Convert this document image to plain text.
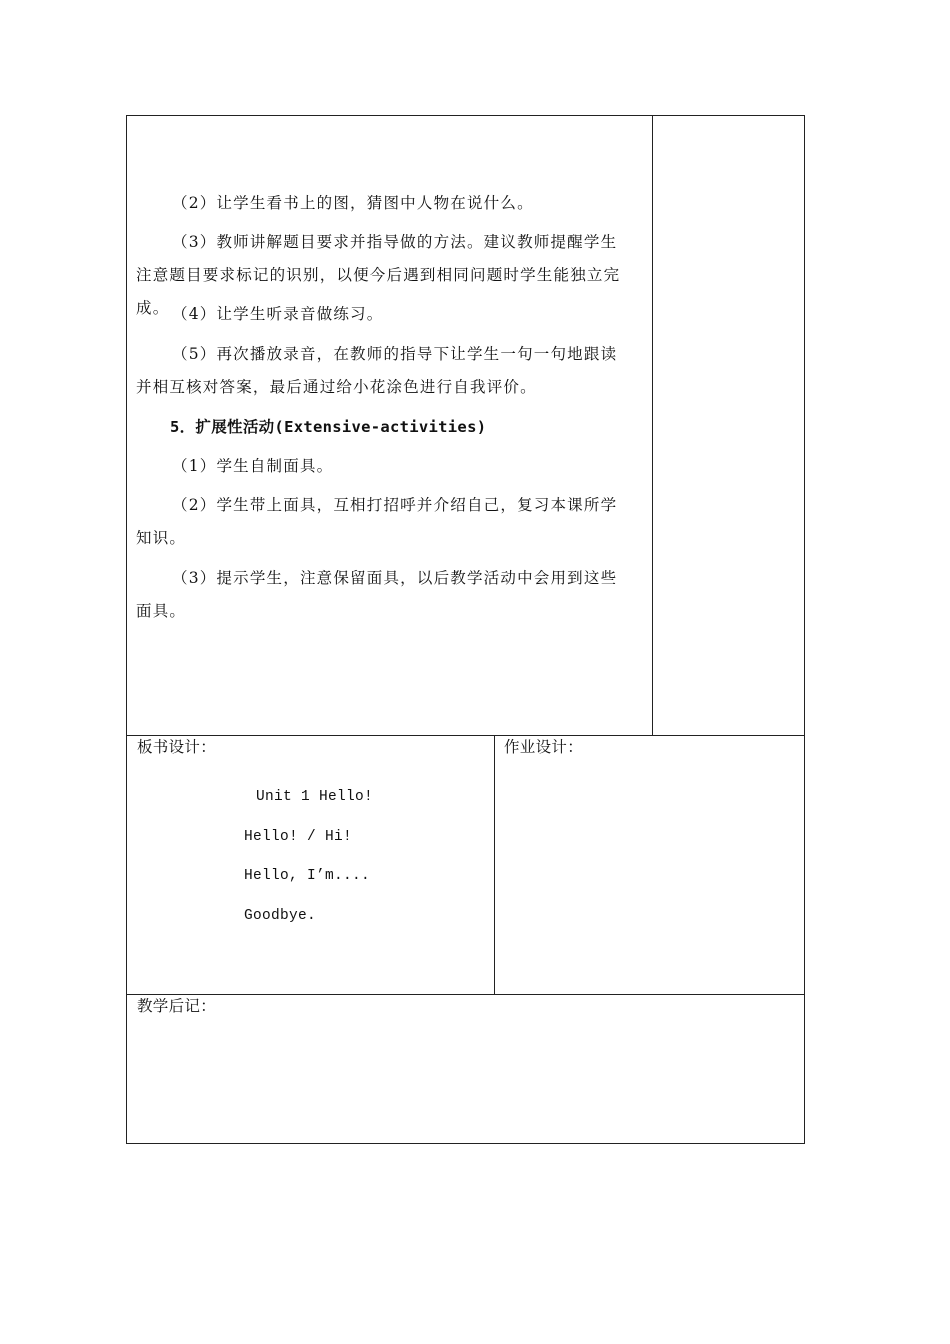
（2）让学生看书上的图，猜图中人物在说什么。
（3）教师讲解题目要求并指导做的方法。建议教师提醒学生注意题目要求标记的识别，以便今后遇到相同问题时学生能独立完成。 （4）让学生听录音做练习。
（5）再次播放录音，在教师的指导下让学生一句一句地跟读并相互核对答案，最后通过给小花涂色进行自我评价。
5．扩展性活动(Extensive-activities)
（1）学生自制面具。
（2）学生带上面具，互相打招呼并介绍自己，复习本课所学知识。
（3）提示学生，注意保留面具，以后教学活动中会用到这些面具。
板书设计：
Unit 1 Hello!
Hello! / Hi!
Hello, I’m....
Goodbye.
作业设计：
教学后记：
